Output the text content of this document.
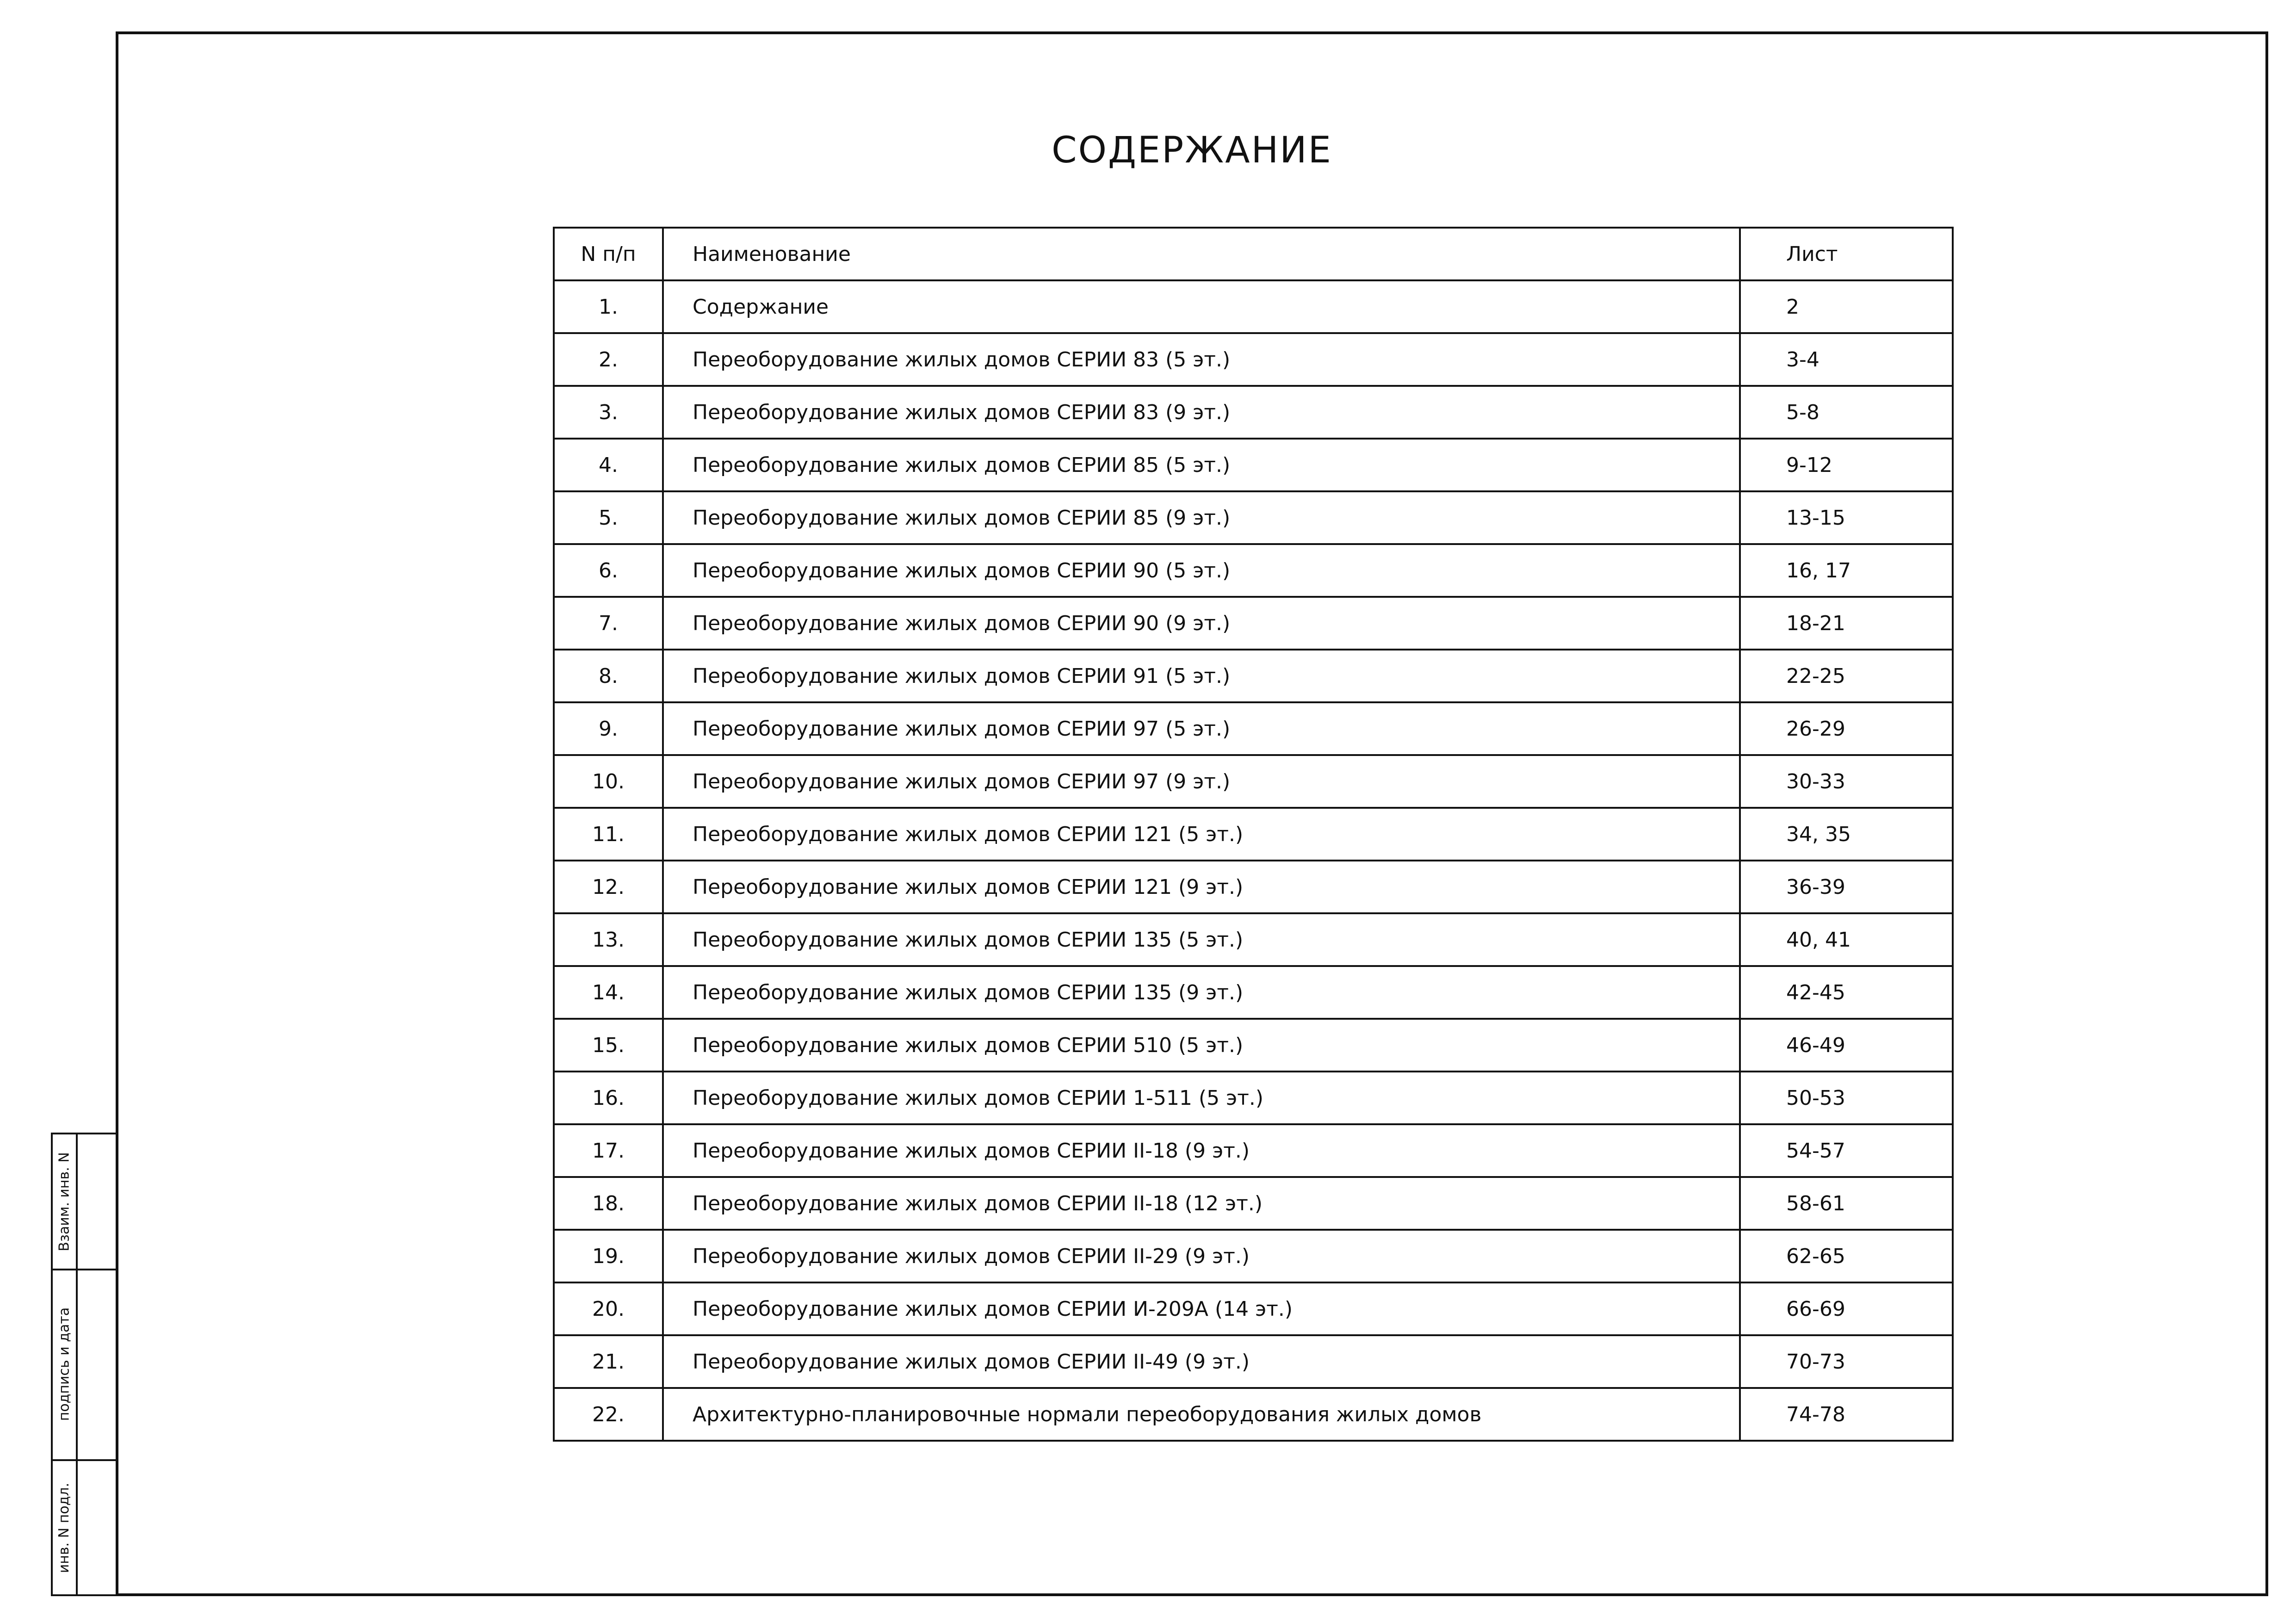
СОДЕРЖАНИЕ
N п/п	Наименование	Лист
1.	Содержание	2
2.	Переоборудование жилых домов СЕРИИ 83 (5 эт.)	3-4
3.	Переоборудование жилых домов СЕРИИ 83 (9 эт.)	5-8
4.	Переоборудование жилых домов СЕРИИ 85 (5 эт.)	9-12
5.	Переоборудование жилых домов СЕРИИ 85 (9 эт.)	13-15
6.	Переоборудование жилых домов СЕРИИ 90 (5 эт.)	16, 17
7.	Переоборудование жилых домов СЕРИИ 90 (9 эт.)	18-21
8.	Переоборудование жилых домов СЕРИИ 91 (5 эт.)	22-25
9.	Переоборудование жилых домов СЕРИИ 97 (5 эт.)	26-29
10.	Переоборудование жилых домов СЕРИИ 97 (9 эт.)	30-33
11.	Переоборудование жилых домов СЕРИИ 121 (5 эт.)	34, 35
12.	Переоборудование жилых домов СЕРИИ 121 (9 эт.)	36-39
13.	Переоборудование жилых домов СЕРИИ 135 (5 эт.)	40, 41
14.	Переоборудование жилых домов СЕРИИ 135 (9 эт.)	42-45
15.	Переоборудование жилых домов СЕРИИ 510 (5 эт.)	46-49
16.	Переоборудование жилых домов СЕРИИ 1-511 (5 эт.)	50-53
17.	Переоборудование жилых домов СЕРИИ II-18 (9 эт.)	54-57
18.	Переоборудование жилых домов СЕРИИ II-18 (12 эт.)	58-61
19.	Переоборудование жилых домов СЕРИИ II-29 (9 эт.)	62-65
20.	Переоборудование жилых домов СЕРИИ И-209А (14 эт.)	66-69
21.	Переоборудование жилых домов СЕРИИ II-49 (9 эт.)	70-73
22.	Архитектурно-планировочные нормали переоборудования жилых домов	74-78
Взаим. инв. N
подпись и дата
инв. N подл.
